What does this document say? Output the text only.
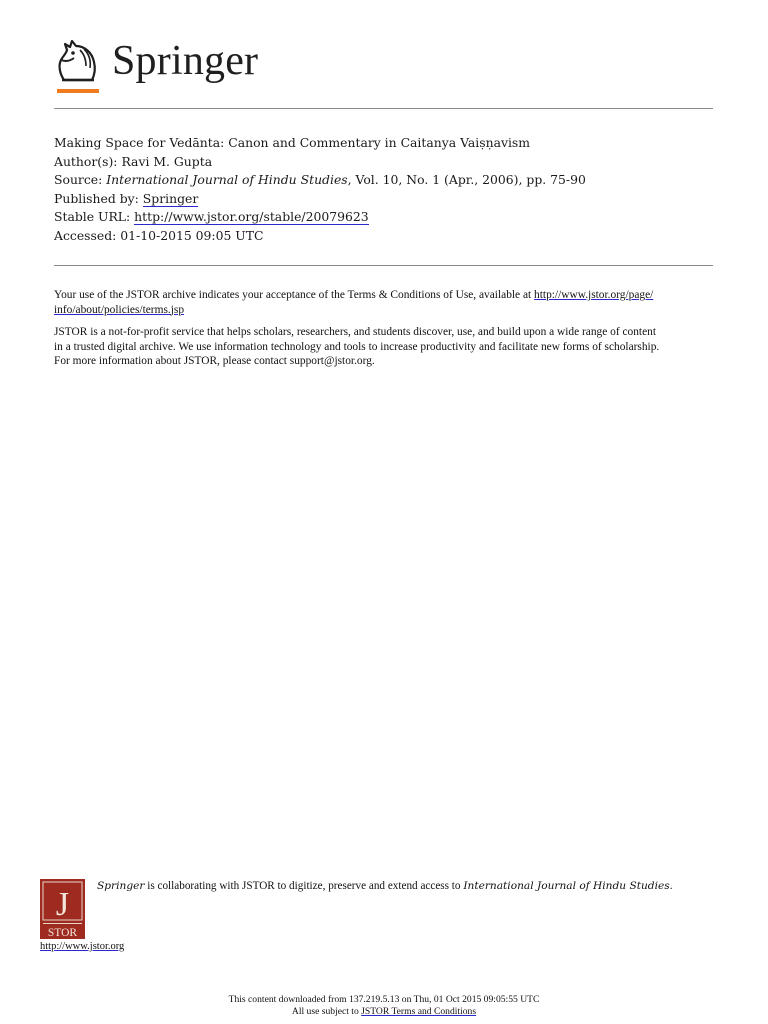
Springer
Making Space for Vedānta: Canon and Commentary in Caitanya Vaiṣṇavism
Author(s): Ravi M. Gupta
Source: International Journal of Hindu Studies, Vol. 10, No. 1 (Apr., 2006), pp. 75-90
Published by: Springer
Stable URL: http://www.jstor.org/stable/20079623
Accessed: 01-10-2015 09:05 UTC

Your use of the JSTOR archive indicates your acceptance of the Terms & Conditions of Use, available at http://www.jstor.org/page/
info/about/policies/terms.jsp

JSTOR is a not-for-profit service that helps scholars, researchers, and students discover, use, and build upon a wide range of content
in a trusted digital archive. We use information technology and tools to increase productivity and facilitate new forms of scholarship.
For more information about JSTOR, please contact support@jstor.org.

J
STOR
Springer is collaborating with JSTOR to digitize, preserve and extend access to International Journal of Hindu Studies.
http://www.jstor.org
This content downloaded from 137.219.5.13 on Thu, 01 Oct 2015 09:05:55 UTC
All use subject to JSTOR Terms and Conditions
